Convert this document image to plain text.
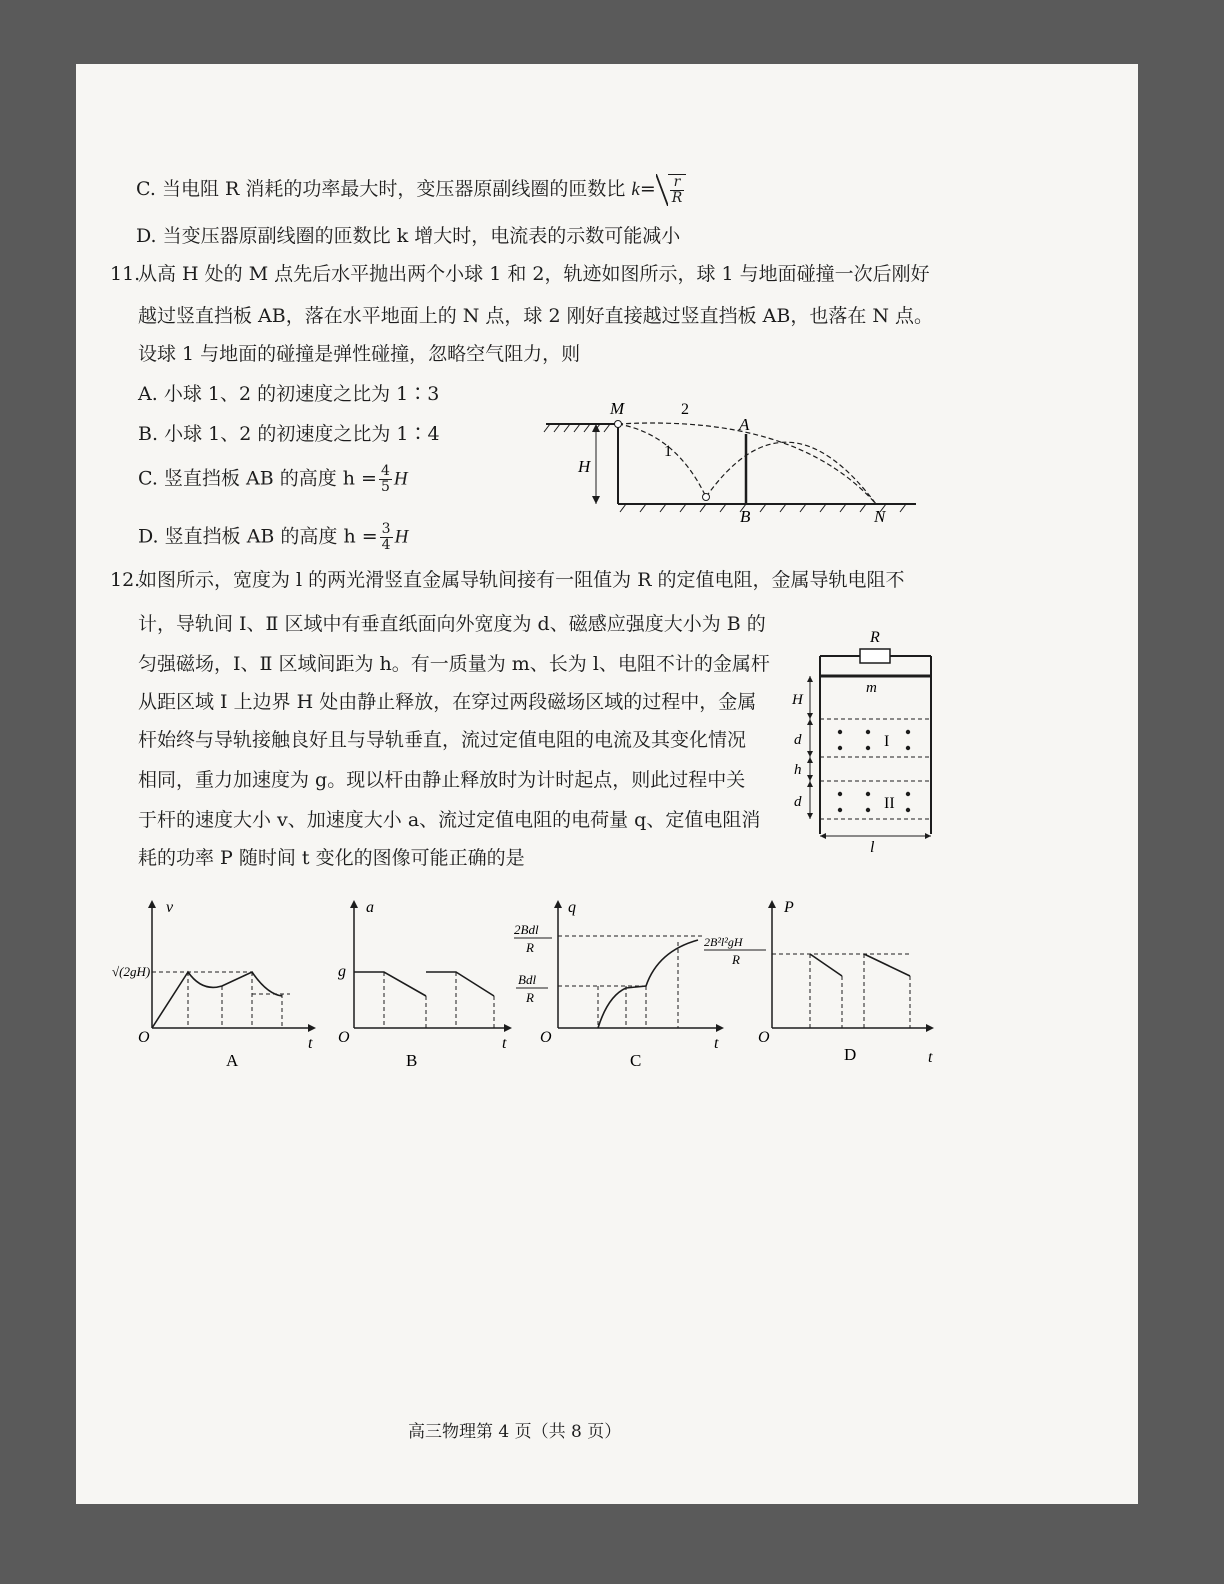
C. 当电阻 R 消耗的功率最大时，变压器原副线圈的匝数比 $k= \frac{r}{R}$
D. 当变压器原副线圈的匝数比 k 增大时，电流表的示数可能减小
11.
从高 H 处的 M 点先后水平抛出两个小球 1 和 2，轨迹如图所示，球 1 与地面碰撞一次后刚好
越过竖直挡板 AB，落在水平地面上的 N 点，球 2 刚好直接越过竖直挡板 AB，也落在 N 点。
设球 1 与地面的碰撞是弹性碰撞，忽略空气阻力，则
A. 小球 1、2 的初速度之比为 1∶3
B. 小球 1、2 的初速度之比为 1∶4
C. 竖直挡板 AB 的高度 $h = \frac{4}{5}$ H
D. 竖直挡板 AB 的高度 $h = \frac{3}{4}$ H
M	2
1
A
H
B	N
12.
如图所示，宽度为 l 的两光滑竖直金属导轨间接有一阻值为 R 的定值电阻，金属导轨电阻不
计，导轨间 Ⅰ、Ⅱ 区域中有垂直纸面向外宽度为 d、磁感应强度大小为 B 的
匀强磁场，Ⅰ、Ⅱ 区域间距为 h。有一质量为 m、长为 l、电阻不计的金属杆
从距区域 Ⅰ 上边界 H 处由静止释放，在穿过两段磁场区域的过程中，金属
杆始终与导轨接触良好且与导轨垂直，流过定值电阻的电流及其变化情况
相同，重力加速度为 g。现以杆由静止释放时为计时起点，则此过程中关
于杆的速度大小 v、加速度大小 a、流过定值电阻的电荷量 q、定值电阻消
耗的功率 P 随时间 t 变化的图像可能正确的是
R
m
H
d
h
d
I
II
l
v
t
O
√(2gH)
A
a
t
O
g
B
q
t
O
2Bdl
R
Bdl
R
C
P
t
O
2B²l²gH
R
D
高三物理第 4 页（共 8 页）
